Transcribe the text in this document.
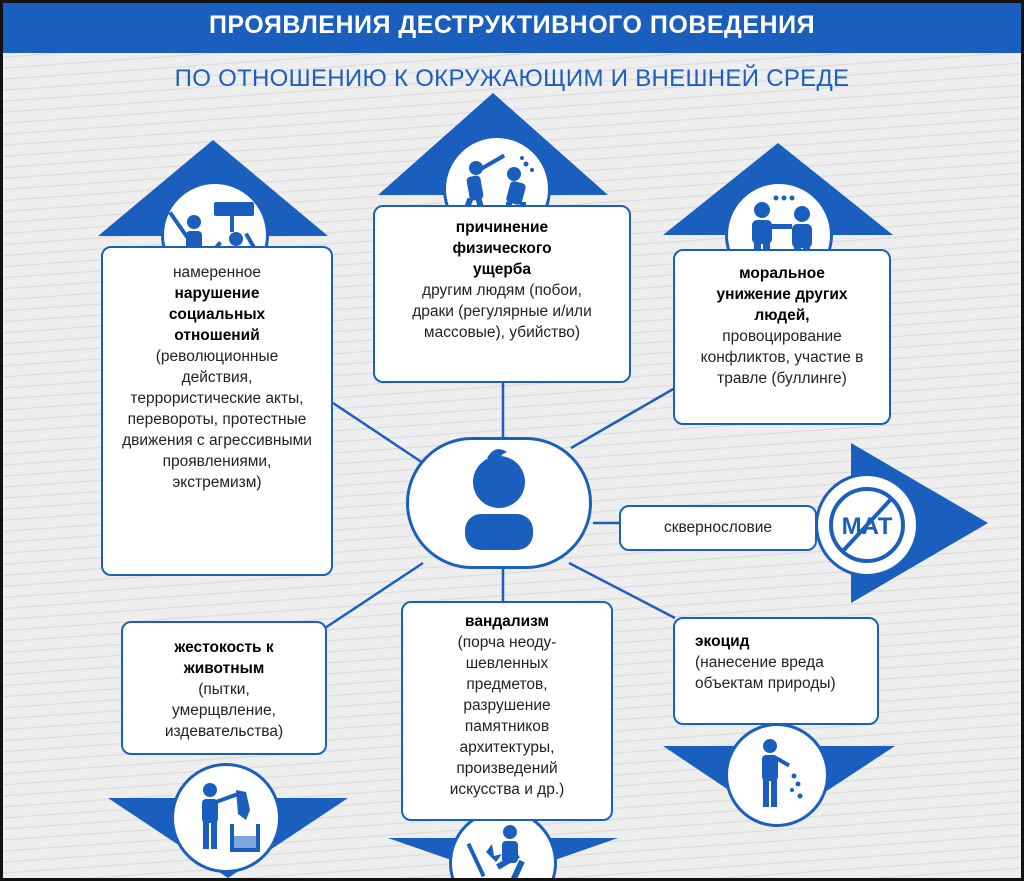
ПРОЯВЛЕНИЯ ДЕСТРУКТИВНОГО ПОВЕДЕНИЯ
ПО ОТНОШЕНИЮ К ОКРУЖАЮЩИМ И ВНЕШНЕЙ СРЕДЕ
МАТ
намеренное
нарушение социальных отношений
(революционные действия, террористические акты, перевороты, протестные движения с агрессивными проявлениями, экстремизм)
причинение физического ущерба
другим людям (побои, драки (регулярные и/или массовые), убийство)
моральное унижение других людей,
провоцирование конфликтов, участие в травле (буллинге)
сквернословие
жестокость к животным
(пытки, умерщвление, издевательства)
вандализм
(порча неоду-шевленных предметов, разрушение памятников архитектуры, произведений искусства и др.)
экоцид
(нанесение вреда объектам природы)
